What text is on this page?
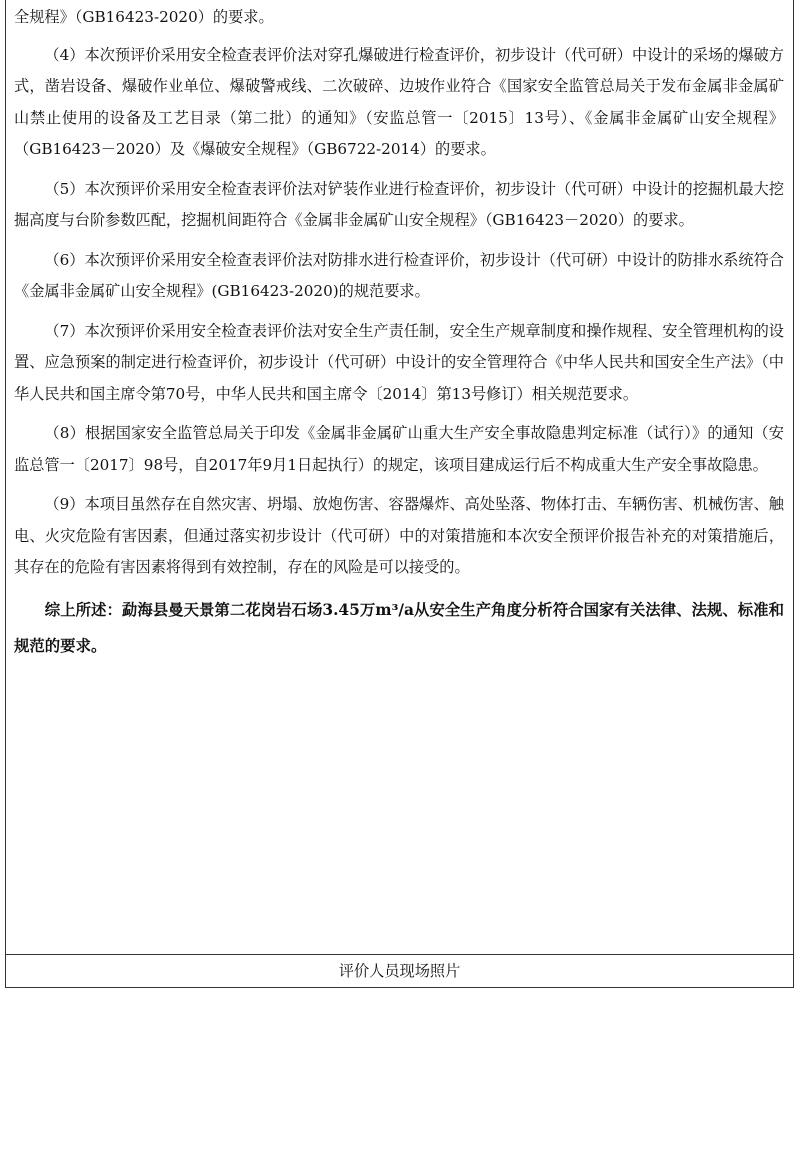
全规程》（GB16423-2020）的要求。

（4）本次预评价采用安全检查表评价法对穿孔爆破进行检查评价，初步设计（代可研）中设计的采场的爆破方式，凿岩设备、爆破作业单位、爆破警戒线、二次破碎、边坡作业符合《国家安全监管总局关于发布金属非金属矿山禁止使用的设备及工艺目录（第二批）的通知》（安监总管一〔2015〕13号）、《金属非金属矿山安全规程》（GB16423－2020）及《爆破安全规程》（GB6722-2014）的要求。

（5）本次预评价采用安全检查表评价法对铲装作业进行检查评价，初步设计（代可研）中设计的挖掘机最大挖掘高度与台阶参数匹配，挖掘机间距符合《金属非金属矿山安全规程》（GB16423－2020）的要求。

（6）本次预评价采用安全检查表评价法对防排水进行检查评价，初步设计（代可研）中设计的防排水系统符合《金属非金属矿山安全规程》(GB16423-2020)的规范要求。

（7）本次预评价采用安全检查表评价法对安全生产责任制，安全生产规章制度和操作规程、安全管理机构的设置、应急预案的制定进行检查评价，初步设计（代可研）中设计的安全管理符合《中华人民共和国安全生产法》（中华人民共和国主席令第70号，中华人民共和国主席令〔2014〕第13号修订）相关规范要求。

（8）根据国家安全监管总局关于印发《金属非金属矿山重大生产安全事故隐患判定标准（试行）》的通知（安监总管一〔2017〕98号，自2017年9月1日起执行）的规定，该项目建成运行后不构成重大生产安全事故隐患。

（9）本项目虽然存在自然灾害、坍塌、放炮伤害、容器爆炸、高处坠落、物体打击、车辆伤害、机械伤害、触电、火灾危险有害因素，但通过落实初步设计（代可研）中的对策措施和本次安全预评价报告补充的对策措施后，其存在的危险有害因素将得到有效控制，存在的风险是可以接受的。

综上所述：勐海县曼天景第二花岗岩石场3.45万m³/a从安全生产角度分析符合国家有关法律、法规、标准和规范的要求。

评价人员现场照片
